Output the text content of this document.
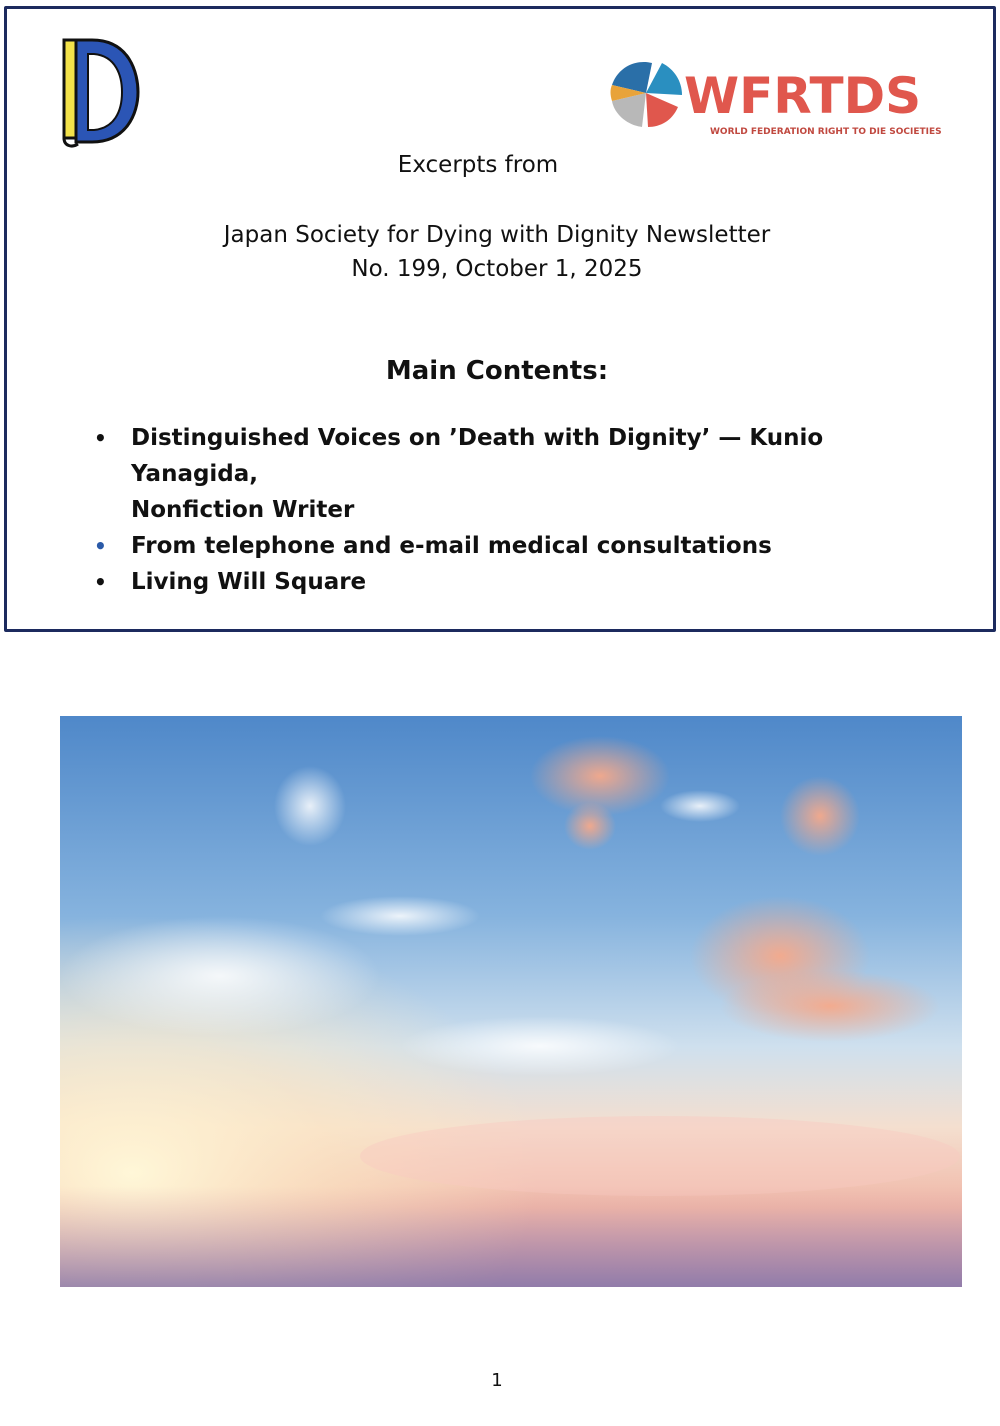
WFRTDS
WORLD FEDERATION RIGHT TO DIE SOCIETIES
Excerpts from
Japan Society for Dying with Dignity Newsletter
No. 199, October 1, 2025
Main Contents:
• Distinguished Voices on ’Death with Dignity’ — Kunio Yanagida,
Nonfiction Writer
• From telephone and e-mail medical consultations
• Living Will Square
1
